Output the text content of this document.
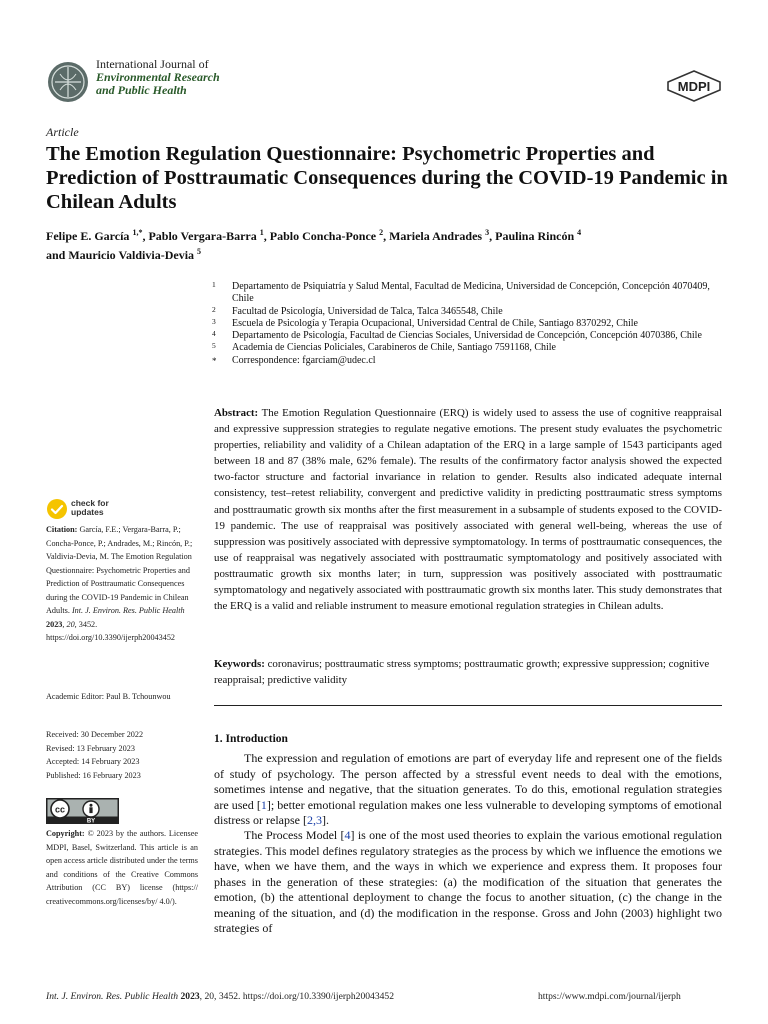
International Journal of
Environmental Research
and Public Health	MDPI
Article
The Emotion Regulation Questionnaire: Psychometric Properties and Prediction of Posttraumatic Consequences during the COVID-19 Pandemic in Chilean Adults
Felipe E. García $^{1,*}$, Pablo Vergara-Barra $^1$, Pablo Concha-Ponce $^2$, Mariela Andrades $^3$, Paulina Rincón $^4$
and Mauricio Valdivia-Devia $^5$
1 Departamento de Psiquiatría y Salud Mental, Facultad de Medicina, Universidad de Concepción, Concepción 4070409, Chile
2 Facultad de Psicología, Universidad de Talca, Talca 3465548, Chile
3 Escuela de Psicología y Terapia Ocupacional, Universidad Central de Chile, Santiago 8370292, Chile
4 Departamento de Psicología, Facultad de Ciencias Sociales, Universidad de Concepción, Concepción 4070386, Chile
5 Academia de Ciencias Policiales, Carabineros de Chile, Santiago 7591168, Chile
* Correspondence: fgarciam@udec.cl
Abstract: The Emotion Regulation Questionnaire (ERQ) is widely used to assess the use of cognitive reappraisal and expressive suppression strategies to regulate negative emotions. The present study evaluates the psychometric properties, reliability and validity of a Chilean adaptation of the ERQ in a large sample of 1543 participants aged between 18 and 87 (38% male, 62% female). The results of the confirmatory factor analysis showed the expected two-factor structure and factorial invariance in relation to gender. Results also indicated adequate internal consistency, test–retest reliability, convergent and predictive validity in predicting posttraumatic stress symptoms and posttraumatic growth six months after the first measurement in a subsample of students exposed to the COVID-19 pandemic. The use of reappraisal was positively associated with general well-being, whereas the use of suppression was positively associated with depressive symptomatology. In terms of posttraumatic consequences, the use of reappraisal was negatively associated with posttraumatic symptomatology and positively associated with posttraumatic growth six months later; in turn, suppression was positively associated with posttraumatic symptomatology and negatively associated with posttraumatic growth six months later. This study demonstrates that the ERQ is a valid and reliable instrument to measure emotional regulation strategies in Chilean adults.
Keywords: coronavirus; posttraumatic stress symptoms; posttraumatic growth; expressive suppression; cognitive reappraisal; predictive validity
1. Introduction
The expression and regulation of emotions are part of everyday life and represent one of the fields of study of psychology. The person affected by a stressful event needs to deal with the emotions, sometimes intense and negative, that the situation generates. To do this, emotional regulation strategies are used [1]; better emotional regulation makes one less vulnerable to developing symptoms of emotional distress or relapse [2,3].
The Process Model [4] is one of the most used theories to explain the various emotional regulation strategies. This model defines regulatory strategies as the process by which we influence the emotions we have, when we have them, and the ways in which we experience and express them. It proposes four phases in the generation of these strategies: (a) the modification of the situation that generates the emotion, (b) the attentional deployment to change the focus to another situation, (c) the change in the meaning of the situation, and (d) the modification in the response. Gross and John (2003) highlight two strategies of
check for
updates
Citation: García, F.E.; Vergara-Barra, P.; Concha-Ponce, P.; Andrades, M.; Rincón, P.; Valdivia-Devia, M. The Emotion Regulation Questionnaire: Psychometric Properties and Prediction of Posttraumatic Consequences during the COVID-19 Pandemic in Chilean Adults. Int. J. Environ. Res. Public Health 2023, 20, 3452. https://doi.org/10.3390/ijerph20043452
Academic Editor: Paul B. Tchounwou
Received: 30 December 2022
Revised: 13 February 2023
Accepted: 14 February 2023
Published: 16 February 2023
cc
BY
Copyright: © 2023 by the authors. Licensee MDPI, Basel, Switzerland. This article is an open access article distributed under the terms and conditions of the Creative Commons Attribution (CC BY) license (https:// creativecommons.org/licenses/by/ 4.0/).
Int. J. Environ. Res. Public Health 2023, 20, 3452. https://doi.org/10.3390/ijerph20043452	https://www.mdpi.com/journal/ijerph
